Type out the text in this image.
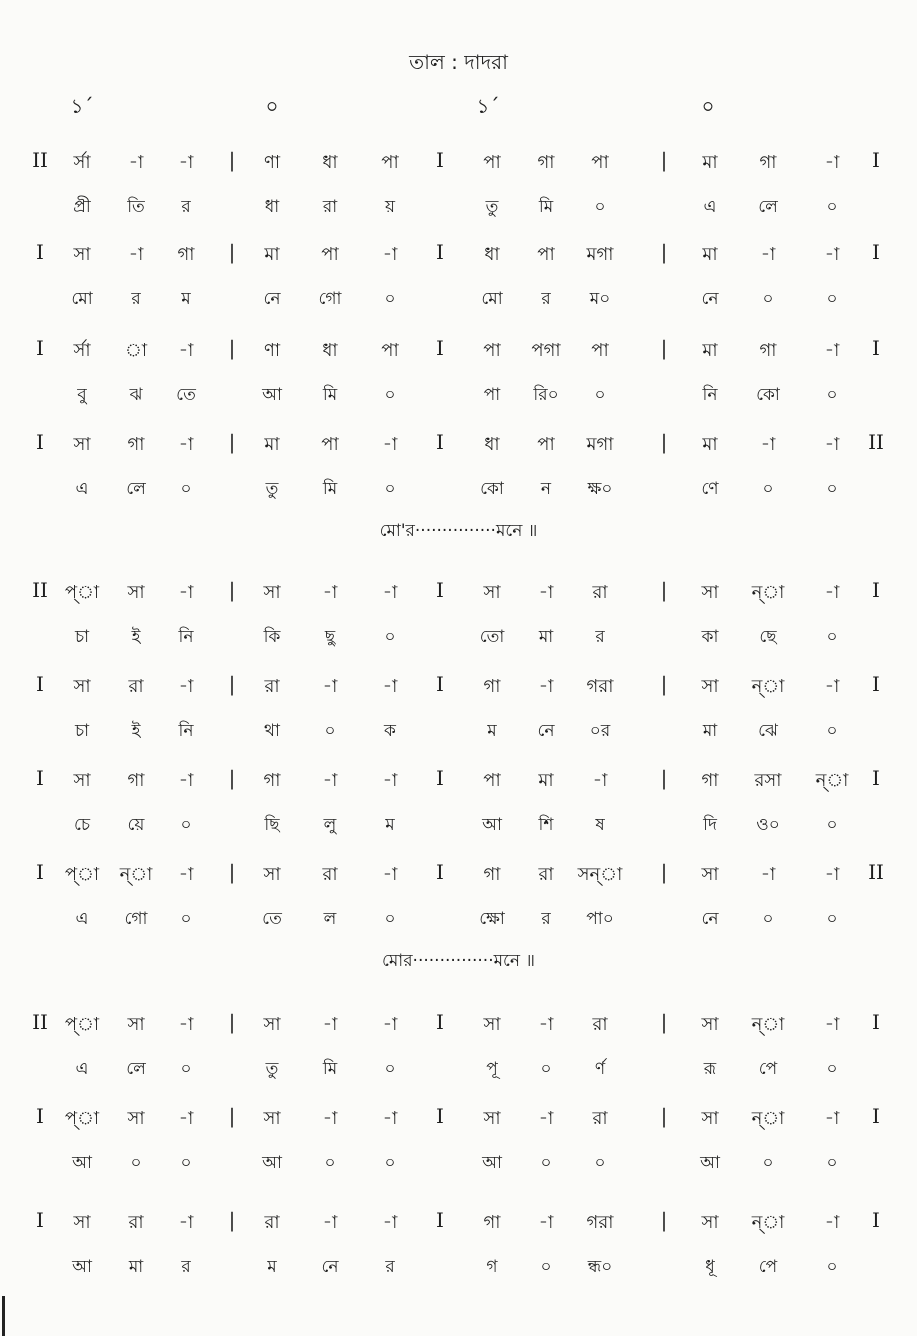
তাল : দাদরা
১´	০	১´	০
II র্সা -া -া | ণা ধা পা I পা গা পা	| মা গা	-া I
প্রী তি র	ধা	রা	য়	তু মি ০	এ লে	০
I সা -া গা | মা পা -া I ধা পা মগা | মা -া	-া I
মো র ম	নে গো	০	মো র ম০	নে	০	০
I র্সা া -া | ণা ধা পা I পা পগা পা	| মা গা	-া I
বু	ঝ তে	আ মি	০	পা রি০ ০	নি কো	০
I সা গা -া | মা পা -া I ধা পা মগা | মা -া	-া II
এ লে ০	তু	মি	০	কো ন ক্ষ০	ণে	০	০
II প্া সা -া | সা -া	-া I সা -া রা	| সা ন্া -া I
চা	ই নি	কি	ছু	০	তো মা র	কা ছে	০
I সা রা -া | রা -া	-া I গা -া গরা | সা ন্া -া I
চা	ই নি	থা	০	ক	ম নে ০র	মা ঝে	০
I সা গা -া | গা -া	-া I পা মা -া	| গা রসা ন্া I
চে য়ে ০	ছি	লু	ম	আ শি ষ	দি ও০	০
I প্া ন্া -া | সা রা	-া I গা রা সন্া | সা -া	-া II
এ গো ০	তে ল	০	ক্ষো র পা০	নে	০	০
II প্া সা -া | সা -া	-া I সা -া রা	| সা ন্া -া I
এ লে ০	তু	মি	০	পূ	০	র্ণ	রূ	পে	০
I প্া সা -া | সা -া	-া I সা -া রা	| সা ন্া -া I
আ ০ ০	আ	০	০	আ ০	০	আ	০	০
I সা রা -া | রা -া	-া I গা -া গরা | সা ন্া -া I
আ মা র	ম	নে	র	গ	০ ন্ধ০	ধূ	পে	০
মো'র···············মনে ॥
মোর···············মনে ॥
